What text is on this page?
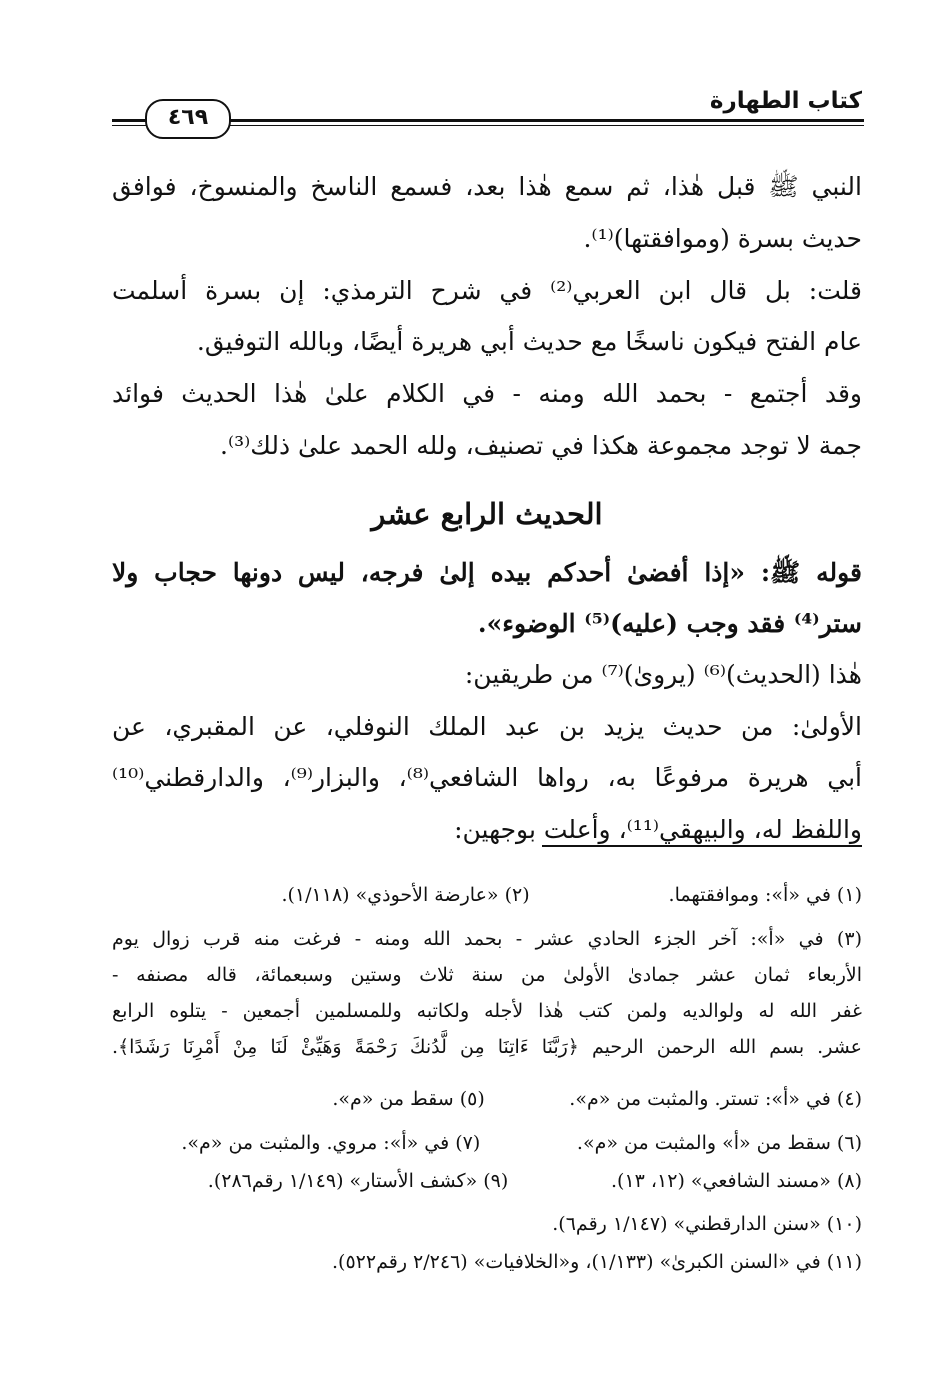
كتاب الطهارة
٤٦٩
النبي ﷺ قبل هٰذا، ثم سمع هٰذا بعد، فسمع الناسخ والمنسوخ، فوافق
حديث بسرة (وموافقتها)⁽¹⁾.
قلت: بل قال ابن العربي⁽²⁾ في شرح الترمذي: إن بسرة أسلمت
عام الفتح فيكون ناسخًا مع حديث أبي هريرة أيضًا، وبالله التوفيق.
وقد أجتمع - بحمد الله ومنه - في الكلام علىٰ هٰذا الحديث فوائد
جمة لا توجد مجموعة هكذا في تصنيف، ولله الحمد علىٰ ذلك⁽³⁾.
الحديث الرابع عشر
قوله ﷺ: «إذا أفضىٰ أحدكم بيده إلىٰ فرجه، ليس دونها حجاب ولا
ستر⁽⁴⁾ فقد وجب (عليه)⁽⁵⁾ الوضوء».
هٰذا (الحديث)⁽⁶⁾ (يروىٰ)⁽⁷⁾ من طريقين:
الأولىٰ: من حديث يزيد بن عبد الملك النوفلي، عن المقبري، عن
أبي هريرة مرفوعًا به، رواها الشافعي⁽⁸⁾، والبزار⁽⁹⁾، والدارقطني⁽¹⁰⁾
واللفظ له، والبيهقي⁽¹¹⁾، وأعلت بوجهين:
(١) في «أ»: وموافقتهما.                       (٢) «عارضة الأحوذي» (١/١١٨).
(٣) في «أ»: آخر الجزء الحادي عشر - بحمد الله ومنه - فرغت منه قرب زوال يوم
الأربعاء ثمان عشر جمادىٰ الأولىٰ من سنة ثلاث وستين وسبعمائة، قاله مصنفه -
غفر الله له ولوالديه ولمن كتب هٰذا لأجله ولكاتبه وللمسلمين أجمعين - يتلوه الرابع
عشر. بسم الله الرحمن الرحيم ﴿رَبَّنَا ءَاتِنَا مِن لَّدُنكَ رَحْمَةً وَهَيِّئْ لَنَا مِنْ أَمْرِنَا رَشَدًا﴾.
(٤) في «أ»: تستر. والمثبت من «م».              (٥) سقط من «م».
(٦) سقط من «أ» والمثبت من «م».                (٧) في «أ»: مروي. والمثبت من «م».
(٨) «مسند الشافعي» (١٢، ١٣).                 (٩) «كشف الأستار» (١/١٤٩ رقم٢٨٦).
(١٠) «سنن الدارقطني» (١/١٤٧ رقم٦).
(١١) في «السنن الكبرىٰ» (١/١٣٣)، و«الخلافيات» (٢/٢٤٦ رقم٥٢٢).
